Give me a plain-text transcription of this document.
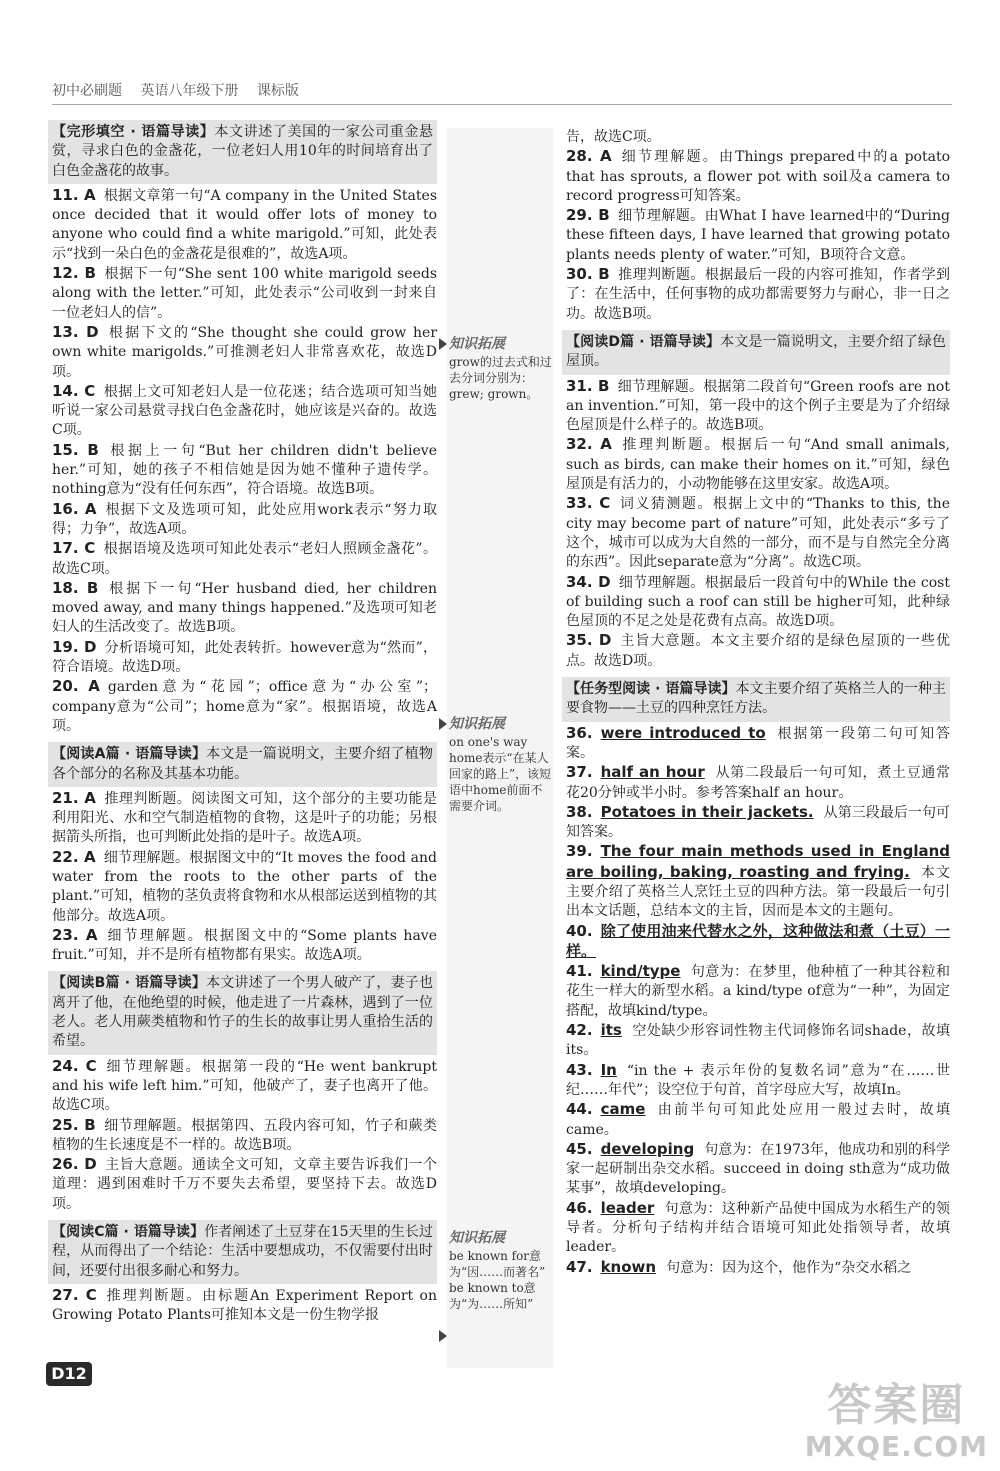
初中必刷题 英语八年级下册 课标版
【完形填空 · 语篇导读】本文讲述了美国的一家公司重金悬赏，寻求白色的金盏花，一位老妇人用10年的时间培育出了白色金盏花的故事。
11. A 根据文章第一句“A company in the United States once decided that it would offer lots of money to anyone who could find a white marigold.”可知，此处表示“找到一朵白色的金盏花是很难的”，故选A项。
12. B 根据下一句“She sent 100 white marigold seeds along with the letter.”可知，此处表示“公司收到一封来自一位老妇人的信”。
13. D 根据下文的“She thought she could grow her own white marigolds.”可推测老妇人非常喜欢花，故选D项。
14. C 根据上文可知老妇人是一位花迷；结合选项可知当她听说一家公司悬赏寻找白色金盏花时，她应该是兴奋的。故选C项。
15. B 根据上一句“But her children didn't believe her.”可知，她的孩子不相信她是因为她不懂种子遗传学。nothing意为“没有任何东西”，符合语境。故选B项。
16. A 根据下文及选项可知，此处应用work表示“努力取得；力争”，故选A项。
17. C 根据语境及选项可知此处表示“老妇人照顾金盏花”。故选C项。
18. B 根据下一句“Her husband died, her children moved away, and many things happened.”及选项可知老妇人的生活改变了。故选B项。
19. D 分析语境可知，此处表转折。however意为“然而”，符合语境。故选D项。
20. A garden意为“花园”；office意为“办公室”；company意为“公司”；home意为“家”。根据语境，故选A项。
【阅读A篇 · 语篇导读】本文是一篇说明文，主要介绍了植物各个部分的名称及其基本功能。
21. A 推理判断题。阅读图文可知，这个部分的主要功能是利用阳光、水和空气制造植物的食物，这是叶子的功能；另根据箭头所指，也可判断此处指的是叶子。故选A项。
22. A 细节理解题。根据图文中的“It moves the food and water from the roots to the other parts of the plant.”可知，植物的茎负责将食物和水从根部运送到植物的其他部分。故选A项。
23. A 细节理解题。根据图文中的“Some plants have fruit.”可知，并不是所有植物都有果实。故选A项。
【阅读B篇 · 语篇导读】本文讲述了一个男人破产了，妻子也离开了他，在他绝望的时候，他走进了一片森林，遇到了一位老人。老人用蕨类植物和竹子的生长的故事让男人重拾生活的希望。
24. C 细节理解题。根据第一段的“He went bankrupt and his wife left him.”可知，他破产了，妻子也离开了他。故选C项。
25. B 细节理解题。根据第四、五段内容可知，竹子和蕨类植物的生长速度是不一样的。故选B项。
26. D 主旨大意题。通读全文可知，文章主要告诉我们一个道理：遇到困难时千万不要失去希望，要坚持下去。故选D项。
【阅读C篇 · 语篇导读】作者阐述了土豆芽在15天里的生长过程，从而得出了一个结论：生活中要想成功，不仅需要付出时间，还要付出很多耐心和努力。
27. C 推理判断题。由标题An Experiment Report on Growing Potato Plants可推知本文是一份生物学报
告，故选C项。
28. A 细节理解题。由Things prepared中的a potato that has sprouts, a flower pot with soil及a camera to record progress可知答案。
29. B 细节理解题。由What I have learned中的“During these fifteen days, I have learned that growing potato plants needs plenty of water.”可知，B项符合文意。
30. B 推理判断题。根据最后一段的内容可推知，作者学到了：在生活中，任何事物的成功都需要努力与耐心，非一日之功。故选B项。
【阅读D篇 · 语篇导读】本文是一篇说明文，主要介绍了绿色屋顶。
31. B 细节理解题。根据第二段首句“Green roofs are not an invention.”可知，第一段中的这个例子主要是为了介绍绿色屋顶是什么样子的。故选B项。
32. A 推理判断题。根据后一句“And small animals, such as birds, can make their homes on it.”可知，绿色屋顶是有活力的，小动物能够在这里安家。故选A项。
33. C 词义猜测题。根据上文中的“Thanks to this, the city may become part of nature”可知，此处表示“多亏了这个，城市可以成为大自然的一部分，而不是与自然完全分离的东西”。因此separate意为“分离”。故选C项。
34. D 细节理解题。根据最后一段首句中的While the cost of building such a roof can still be higher可知，此种绿色屋顶的不足之处是花费有点高。故选D项。
35. D 主旨大意题。本文主要介绍的是绿色屋顶的一些优点。故选D项。
【任务型阅读 · 语篇导读】本文主要介绍了英格兰人的一种主要食物——土豆的四种烹饪方法。
36. were introduced to 根据第一段第二句可知答案。
37. half an hour 从第二段最后一句可知，煮土豆通常花20分钟或半小时。参考答案half an hour。
38. Potatoes in their jackets. 从第三段最后一句可知答案。
39. The four main methods used in England are boiling, baking, roasting and frying. 本文主要介绍了英格兰人烹饪土豆的四种方法。第一段最后一句引出本文话题，总结本文的主旨，因而是本文的主题句。
40. 除了使用油来代替水之外，这种做法和煮（土豆）一样。
41. kind/type 句意为：在梦里，他种植了一种其谷粒和花生一样大的新型水稻。a kind/type of意为“一种”，为固定搭配，故填kind/type。
42. its 空处缺少形容词性物主代词修饰名词shade，故填its。
43. In “in the + 表示年份的复数名词”意为“在……世纪……年代”；设空位于句首，首字母应大写，故填In。
44. came 由前半句可知此处应用一般过去时，故填came。
45. developing 句意为：在1973年，他成功和别的科学家一起研制出杂交水稻。succeed in doing sth意为“成功做某事”，故填developing。
46. leader 句意为：这种新产品使中国成为水稻生产的领导者。分析句子结构并结合语境可知此处指领导者，故填leader。
47. known 句意为：因为这个，他作为“杂交水稻之
知识拓展
grow的过去式和过去分词分别为：grew; grown。
知识拓展
on one's way home表示“在某人回家的路上”，该短语中home前面不需要介词。
知识拓展
be known for意为“因……而著名” be known to意为“为……所知”
D12
答案圈
MXQE.COM
